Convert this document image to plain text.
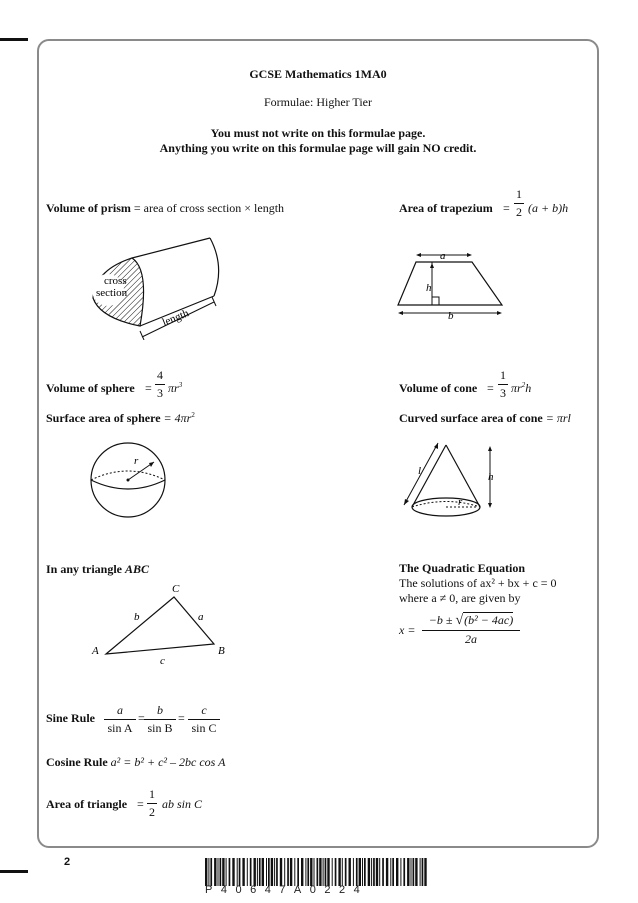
GCSE Mathematics 1MA0
Formulae: Higher Tier
You must not write on this formulae page.
Anything you write on this formulae page will gain NO credit.
Volume of prism = area of cross section × length
cross
section
length
Area of trapezium =
1
2 (a + b)h
a
h
b
Volume of sphere =
4
3 $\pi r^3$
Surface area of sphere = $4\pi r^2$
r
Volume of cone =
1
3 $\pi r^2h$
Curved surface area of cone = πrl
l	h
r
In any triangle ABC
C
A	B
b	a
c
The Quadratic Equation
The solutions of ax² + bx + c = 0
where a ≠ 0, are given by
x =
−b ± √(b² − 4ac)
2a
Sine Rule
a
sin A
=
b
sin B
=
c
sin C
Cosine Rule a² = b² + c² – 2bc cos A
Area of triangle =
1
2
ab sin C
2
P40647A0224
